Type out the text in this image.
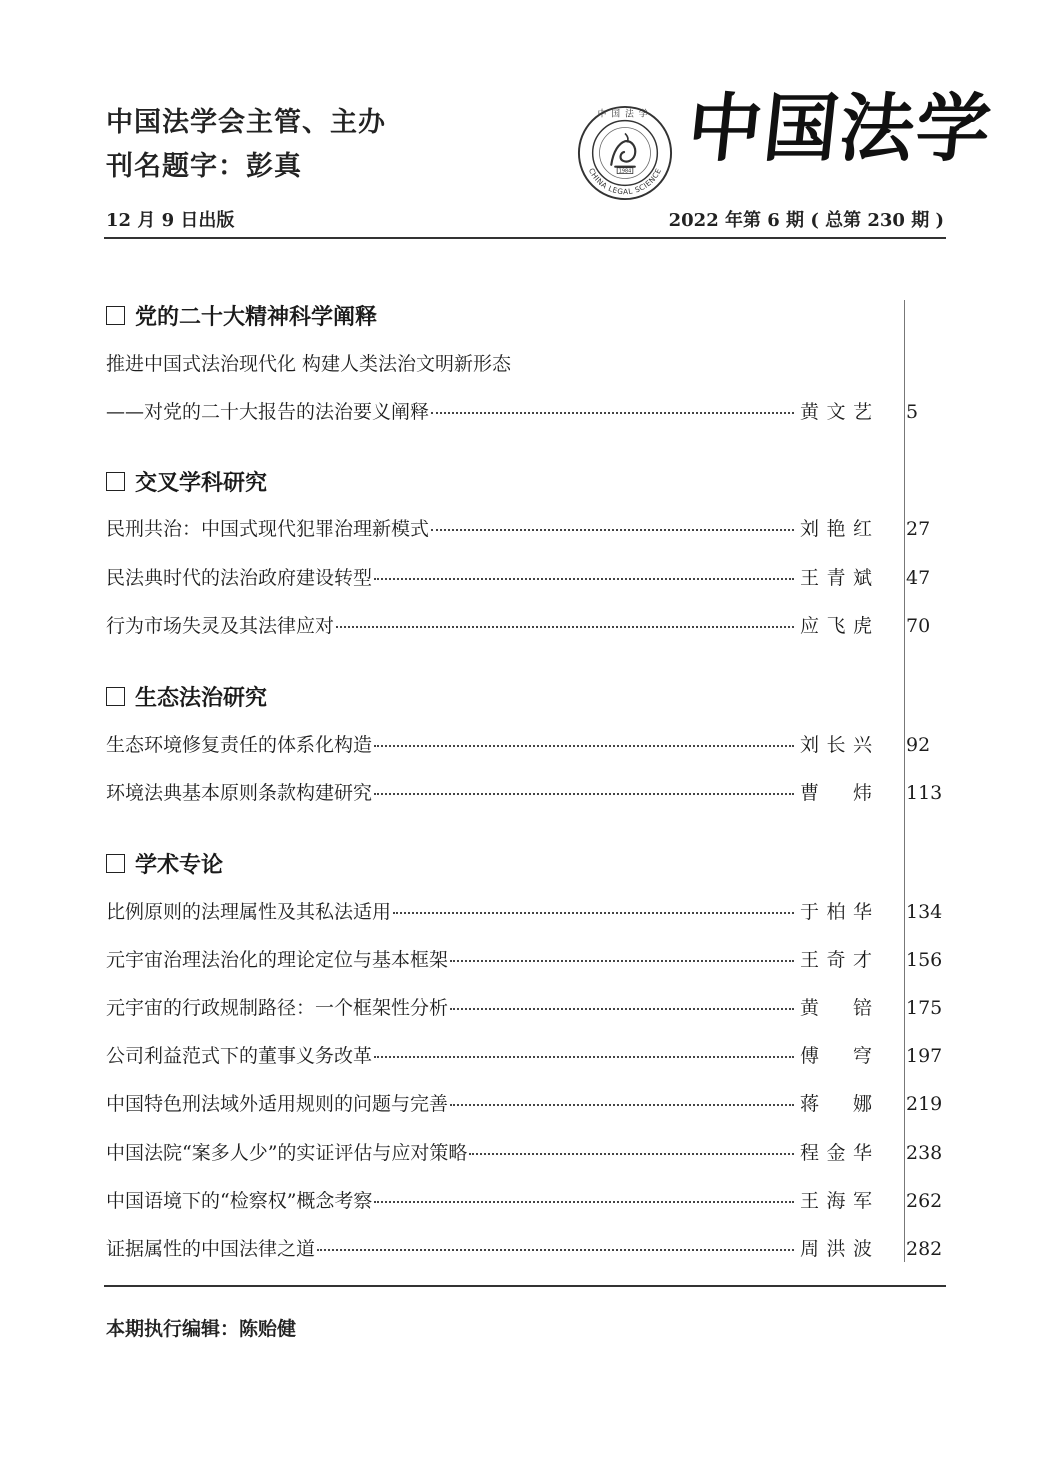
中国法学会主管、主办
刊名题字：彭真	1984
中国法学
CHINA LEGAL SCIENCE 中国法学
12 月 9 日出版	2022 年第 6 期 ( 总第 230 期 )
党的二十大精神科学阐释
推进中国式法治现代化 构建人类法治文明新形态
——对党的二十大报告的法治要义阐释	黄文艺	5
交叉学科研究
民刑共治：中国式现代犯罪治理新模式	刘艳红	27
民法典时代的法治政府建设转型	王青斌	47
行为市场失灵及其法律应对	应飞虎	70
生态法治研究
生态环境修复责任的体系化构造	刘长兴	92
环境法典基本原则条款构建研究	曹炜	113
学术专论
比例原则的法理属性及其私法适用	于柏华	134
元宇宙治理法治化的理论定位与基本框架	王奇才	156
元宇宙的行政规制路径：一个框架性分析	黄锫	175
公司利益范式下的董事义务改革	傅穹	197
中国特色刑法域外适用规则的问题与完善	蒋娜	219
中国法院“案多人少”的实证评估与应对策略	程金华	238
中国语境下的“检察权”概念考察	王海军	262
证据属性的中国法律之道	周洪波	282
本期执行编辑：陈贻健
